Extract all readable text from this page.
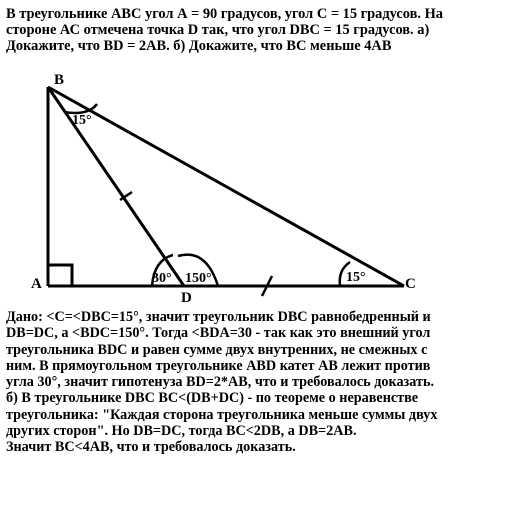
В треугольнике АВС угол А = 90 градусов, угол С = 15 градусов. На
стороне АС отмечена точка D так, что угол DBC = 15 градусов. а)
Докажите, что BD = 2AB. б) Докажите, что BC меньше 4АВ
B
A
D
C
15°
30° 150°	15°
Дано: <C=<DBC=15°, значит треугольник DBC равнобедренный и
DB=DC, а <BDC=150°. Тогда <BDA=30 - так как это внешний угол
треугольника BDC и равен сумме двух внутренних, не смежных с
ним. В прямоугольном треугольнике ABD катет АВ лежит против
угла 30°, значит гипотенуза BD=2*AB, что и требовалось доказать.
б) В треугольнике DBC BC<(DB+DC) - по теореме о неравенстве
треугольника: "Каждая сторона треугольника меньше суммы двух
других сторон". Но DB=DC, тогда BC<2DB, а DB=2AB.
Значит BC<4AB, что и требовалось доказать.
